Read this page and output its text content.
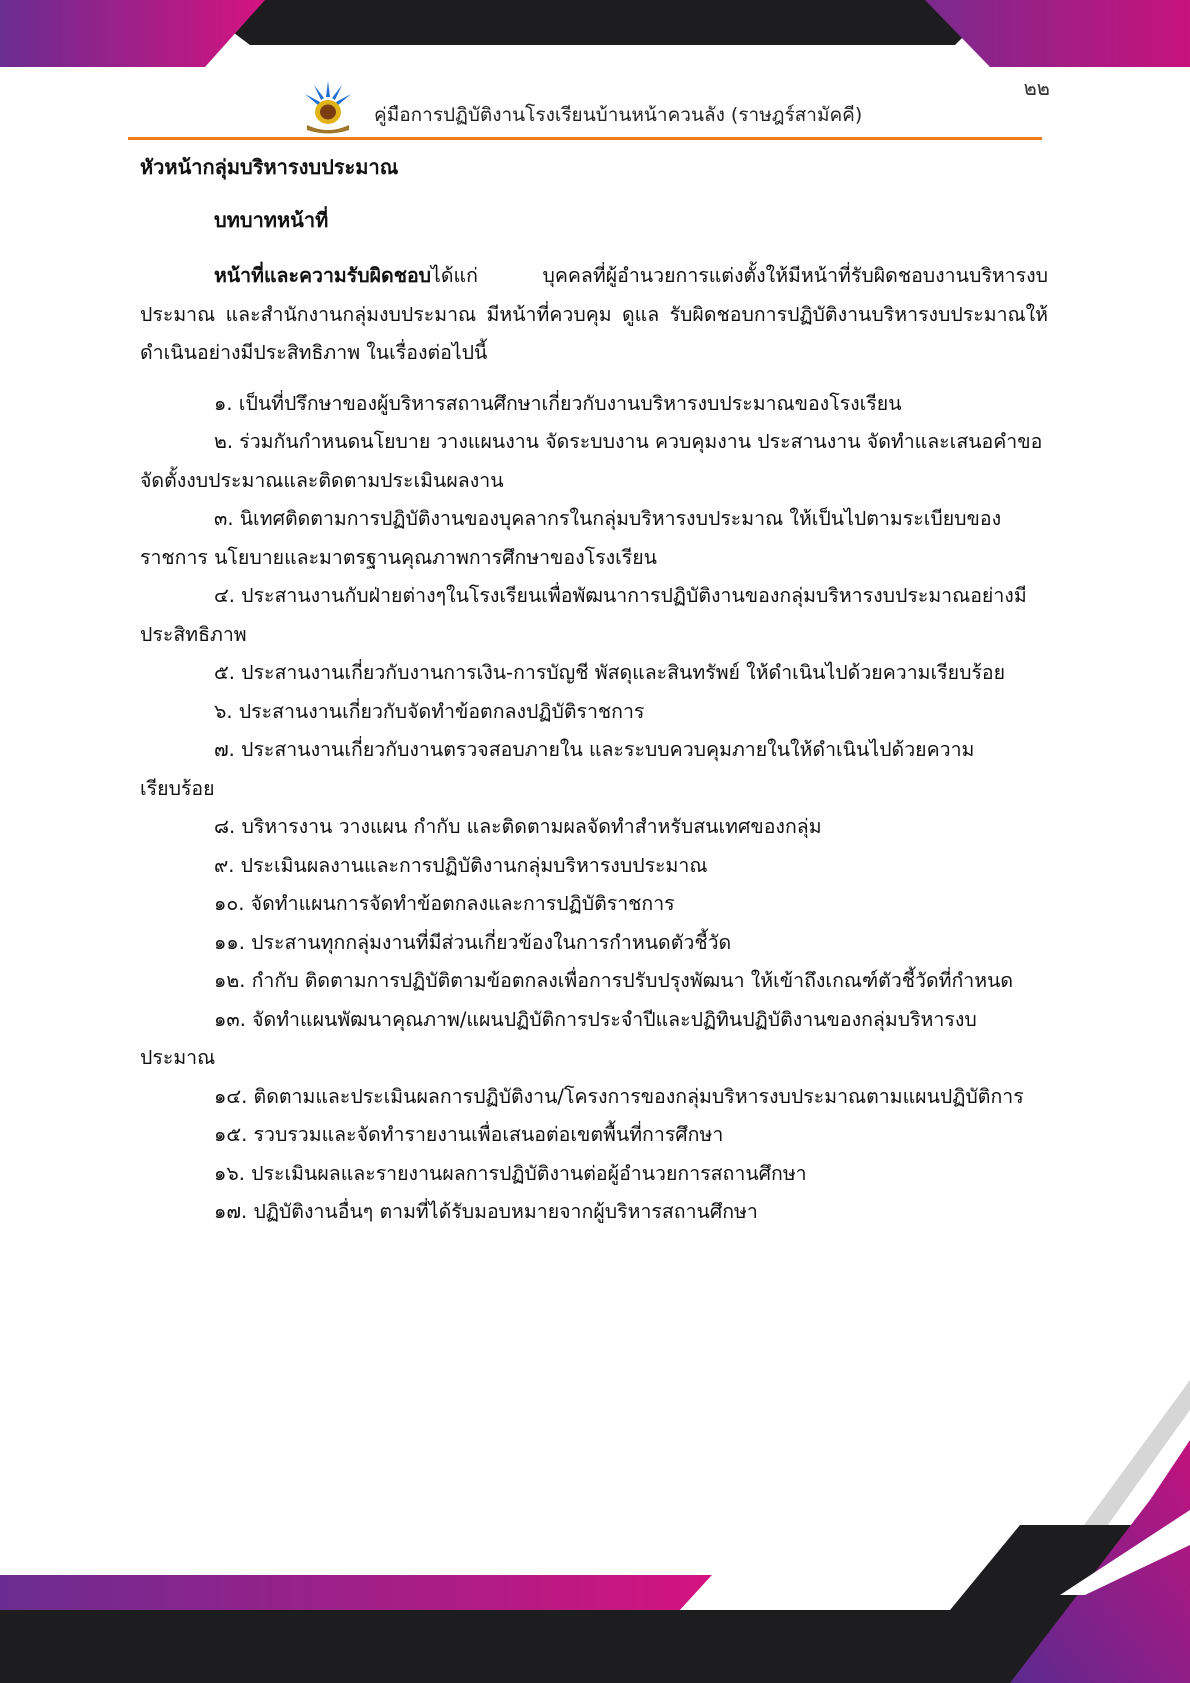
๒๒
คู่มือการปฏิบัติงานโรงเรียนบ้านหน้าควนลัง (ราษฎร์สามัคคี)

หัวหน้ากลุ่มบริหารงบประมาณ

บทบาทหน้าที่

หน้าที่และความรับผิดชอบได้แก่ บุคคลที่ผู้อำนวยการแต่งตั้งให้มีหน้าที่รับผิดชอบงานบริหารงบประมาณ และสำนักงานกลุ่มงบประมาณ มีหน้าที่ควบคุม ดูแล รับผิดชอบการปฏิบัติงานบริหารงบประมาณให้ดำเนินอย่างมีประสิทธิภาพ ในเรื่องต่อไปนี้

๑. เป็นที่ปรึกษาของผู้บริหารสถานศึกษาเกี่ยวกับงานบริหารงบประมาณของโรงเรียน
๒. ร่วมกันกำหนดนโยบาย วางแผนงาน จัดระบบงาน ควบคุมงาน ประสานงาน จัดทำและเสนอคำขอจัดตั้งงบประมาณและติดตามประเมินผลงาน
๓. นิเทศติดตามการปฏิบัติงานของบุคลากรในกลุ่มบริหารงบประมาณ ให้เป็นไปตามระเบียบของราชการ นโยบายและมาตรฐานคุณภาพการศึกษาของโรงเรียน
๔. ประสานงานกับฝ่ายต่างๆในโรงเรียนเพื่อพัฒนาการปฏิบัติงานของกลุ่มบริหารงบประมาณอย่างมีประสิทธิภาพ
๕. ประสานงานเกี่ยวกับงานการเงิน-การบัญชี พัสดุและสินทรัพย์ ให้ดำเนินไปด้วยความเรียบร้อย
๖. ประสานงานเกี่ยวกับจัดทำข้อตกลงปฏิบัติราชการ
๗. ประสานงานเกี่ยวกับงานตรวจสอบภายใน และระบบควบคุมภายในให้ดำเนินไปด้วยความเรียบร้อย
๘. บริหารงาน วางแผน กำกับ และติดตามผลจัดทำสำหรับสนเทศของกลุ่ม
๙. ประเมินผลงานและการปฏิบัติงานกลุ่มบริหารงบประมาณ
๑๐. จัดทำแผนการจัดทำข้อตกลงและการปฏิบัติราชการ
๑๑. ประสานทุกกลุ่มงานที่มีส่วนเกี่ยวข้องในการกำหนดตัวชี้วัด
๑๒. กำกับ ติดตามการปฏิบัติตามข้อตกลงเพื่อการปรับปรุงพัฒนา ให้เข้าถึงเกณฑ์ตัวชี้วัดที่กำหนด
๑๓. จัดทำแผนพัฒนาคุณภาพ/แผนปฏิบัติการประจำปีและปฏิทินปฏิบัติงานของกลุ่มบริหารงบประมาณ
๑๔. ติดตามและประเมินผลการปฏิบัติงาน/โครงการของกลุ่มบริหารงบประมาณตามแผนปฏิบัติการ
๑๕. รวบรวมและจัดทำรายงานเพื่อเสนอต่อเขตพื้นที่การศึกษา
๑๖. ประเมินผลและรายงานผลการปฏิบัติงานต่อผู้อำนวยการสถานศึกษา
๑๗. ปฏิบัติงานอื่นๆ ตามที่ได้รับมอบหมายจากผู้บริหารสถานศึกษา
